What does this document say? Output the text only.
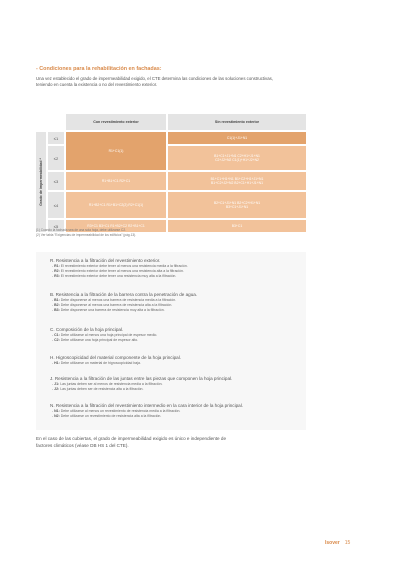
- Condiciones para la rehabilitación en fachadas:
Una vez establecido el grado de impermeabilidad exigido, el CTE determina las condiciones de las soluciones constructivas, teniendo en cuenta la existencia o no del revestimiento exterior.
Con revestimiento exterior	Sin revestimiento exterior
Grado de impermeabilidad *
≤1
≤2
≤3
≤4
≤5
R1+C1(1)
R1+B1+C1 R2+C1
R1+B2+C1 R1+B1+C2(2) R2+C1(1)
R3+C1 B3+C1 R1+B2+C2 R2+B1+C1
C1(1)+J1+N1
B1+C1+J1+N1 C2+H1+J1+N1
C2+J2+N2 C1(1)+H1+J2+N2
B1+C1+H1+N1 B1+C2+H1+J1+N1
B1+C2+J2+N2 B2+C1+H1+J1+N1
B2+C1+J1+N1 B2+C2+H1+N1
B3+C1+J1+N1
B3+C1
(1) Cuando la fachada sea de una sola hoja, debe utilizarse C2.
(2) Ver tabla "Exigencias de impermeabilidad de los edificios" (pág.13).
R. Resistencia a la filtración del revestimiento exterior.
- R1: El revestimiento exterior debe tener al menos una resistencia media a la filtración.
- R2: El revestimiento exterior debe tener al menos una resistencia alta a la filtración.
- R3: El revestimiento exterior debe tener una resistencia muy alta a la filtración.
B. Resistencia a la filtración de la barrera contra la penetración de agua.
- B1: Debe disponerse al menos una barrera de resistencia media a la filtración.
- B2: Debe disponerse al menos una barrera de resistencia alta a la filtración.
- B3: Debe disponerse una barrera de resistencia muy alta a la filtración.
C. Composición de la hoja principal.
- C1: Debe utilizarse al menos una hoja principal de espesor medio.
- C2: Debe utilizarse una hoja principal de espesor alto.
H. Higroscopicidad del material componente de la hoja principal.
- H1: Debe utilizarse un material de higroscopicidad baja.
J. Resistencia a la filtración de las juntas entre las piezas que componen la hoja principal.
- J1: Las juntas deben ser al menos de resistencia media a la filtración.
- J2: Las juntas deben ser de resistencia alta a la filtración.
N. Resistencia a la filtración del revestimiento intermedio en la cara interior de la hoja principal.
- N1: Debe utilizarse al menos un revestimiento de resistencia media a la filtración.
- N2: Debe utilizarse un revestimiento de resistencia alta a la filtración.
En el caso de las cubiertas, el grado de impermeabilidad exigido es único e independiente de factores climáticos (véase DB HS 1 del CTE).
Isover 15
